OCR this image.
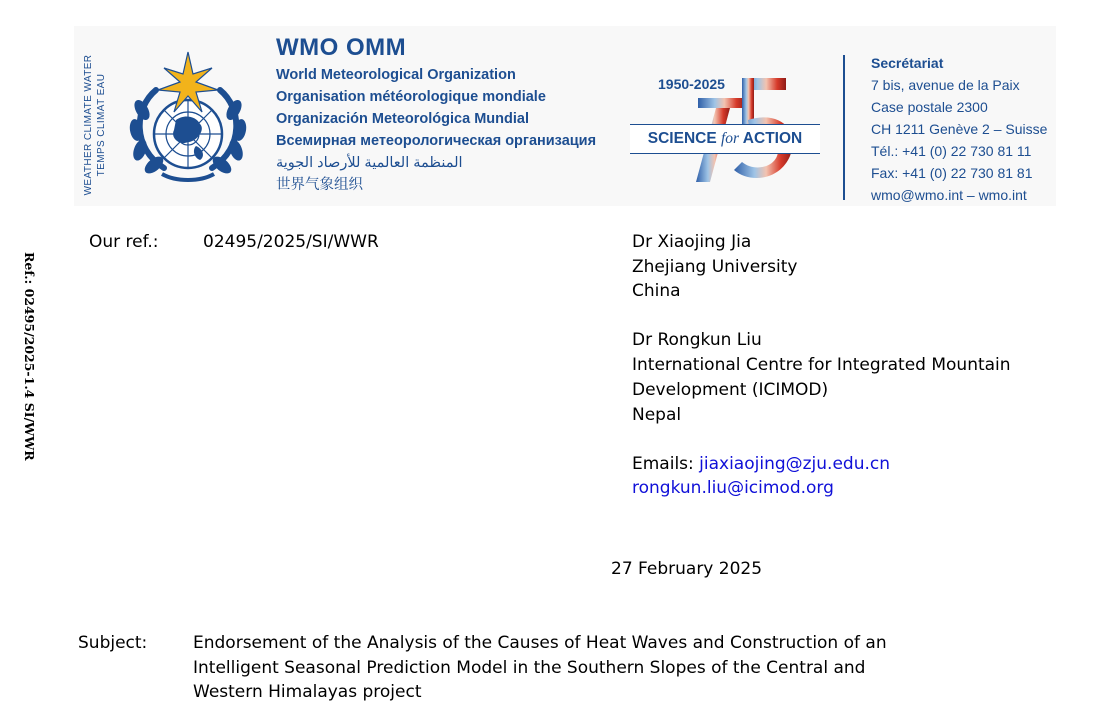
WEATHER CLIMATE WATER TEMPS CLIMAT EAU
WMO OMM
World Meteorological Organization
Organisation météorologique mondiale
Organización Meteorológica Mundial
Всемирная метеорологическая организация
المنظمة العالمية للأرصاد الجوية
世界气象组织
1950-2025
SCIENCE for ACTION
Secrétariat
7 bis, avenue de la Paix
Case postale 2300
CH 1211 Genève 2 – Suisse
Tél.: +41 (0) 22 730 81 11
Fax: +41 (0) 22 730 81 81
wmo@wmo.int – wmo.int
Ref.: 02495/2025-1.4 SI/WWR
Our ref.:	02495/2025/SI/WWR	Dr Xiaojing Jia
Zhejiang University
China
Dr Rongkun Liu
International Centre for Integrated Mountain
Development (ICIMOD)
Nepal
Emails: jiaxiaojing@zju.edu.cn
rongkun.liu@icimod.org
27 February 2025
Subject:	Endorsement of the Analysis of the Causes of Heat Waves and Construction of an
Intelligent Seasonal Prediction Model in the Southern Slopes of the Central and
Western Himalayas project
